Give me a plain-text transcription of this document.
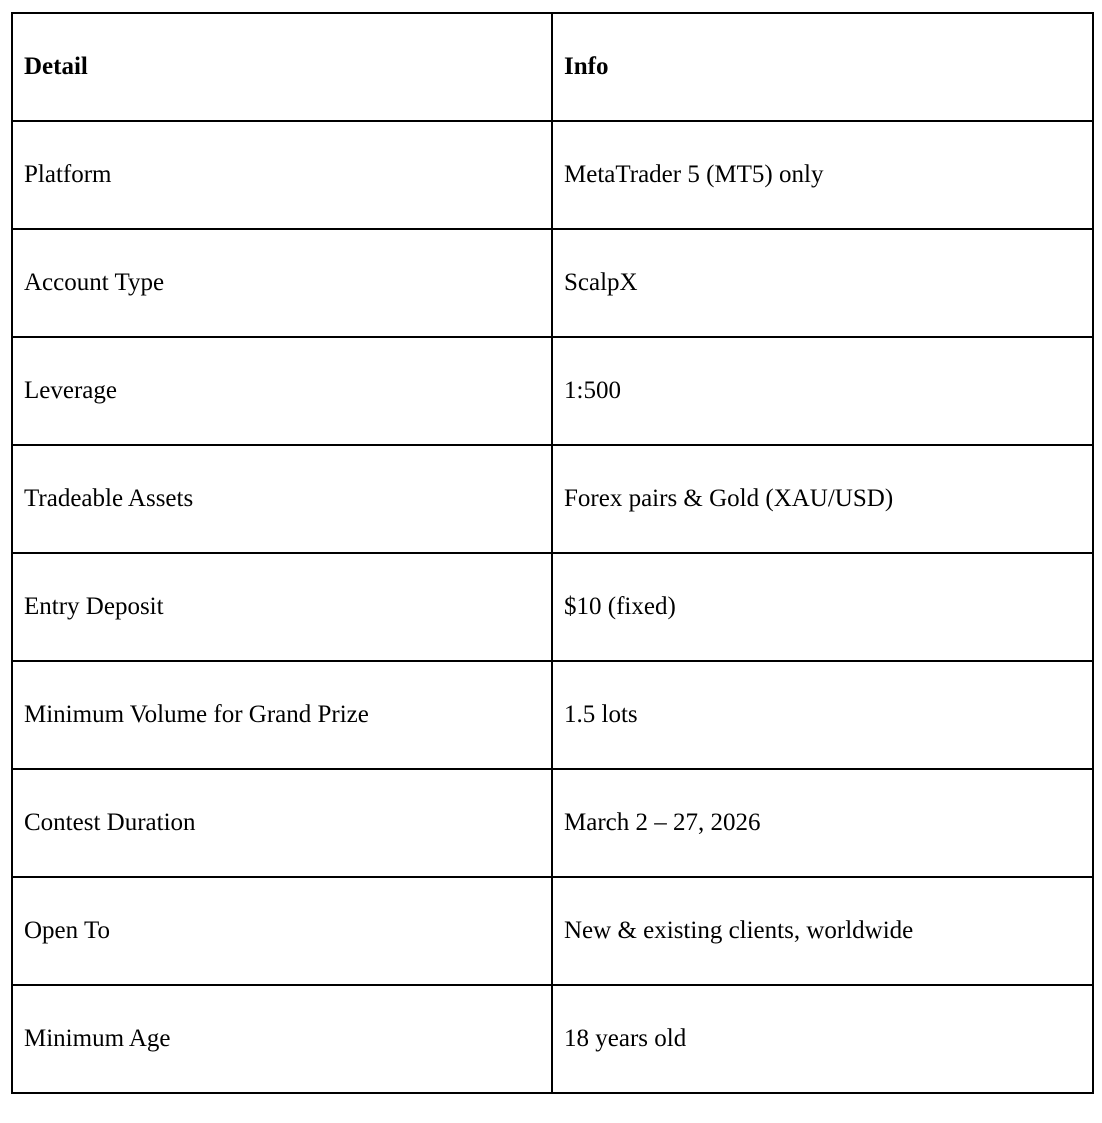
Detail	Info
Platform	MetaTrader 5 (MT5) only
Account Type	ScalpX
Leverage	1:500
Tradeable Assets	Forex pairs & Gold (XAU/USD)
Entry Deposit	$10 (fixed)
Minimum Volume for Grand Prize	1.5 lots
Contest Duration	March 2 – 27, 2026
Open To	New & existing clients, worldwide
Minimum Age	18 years old
